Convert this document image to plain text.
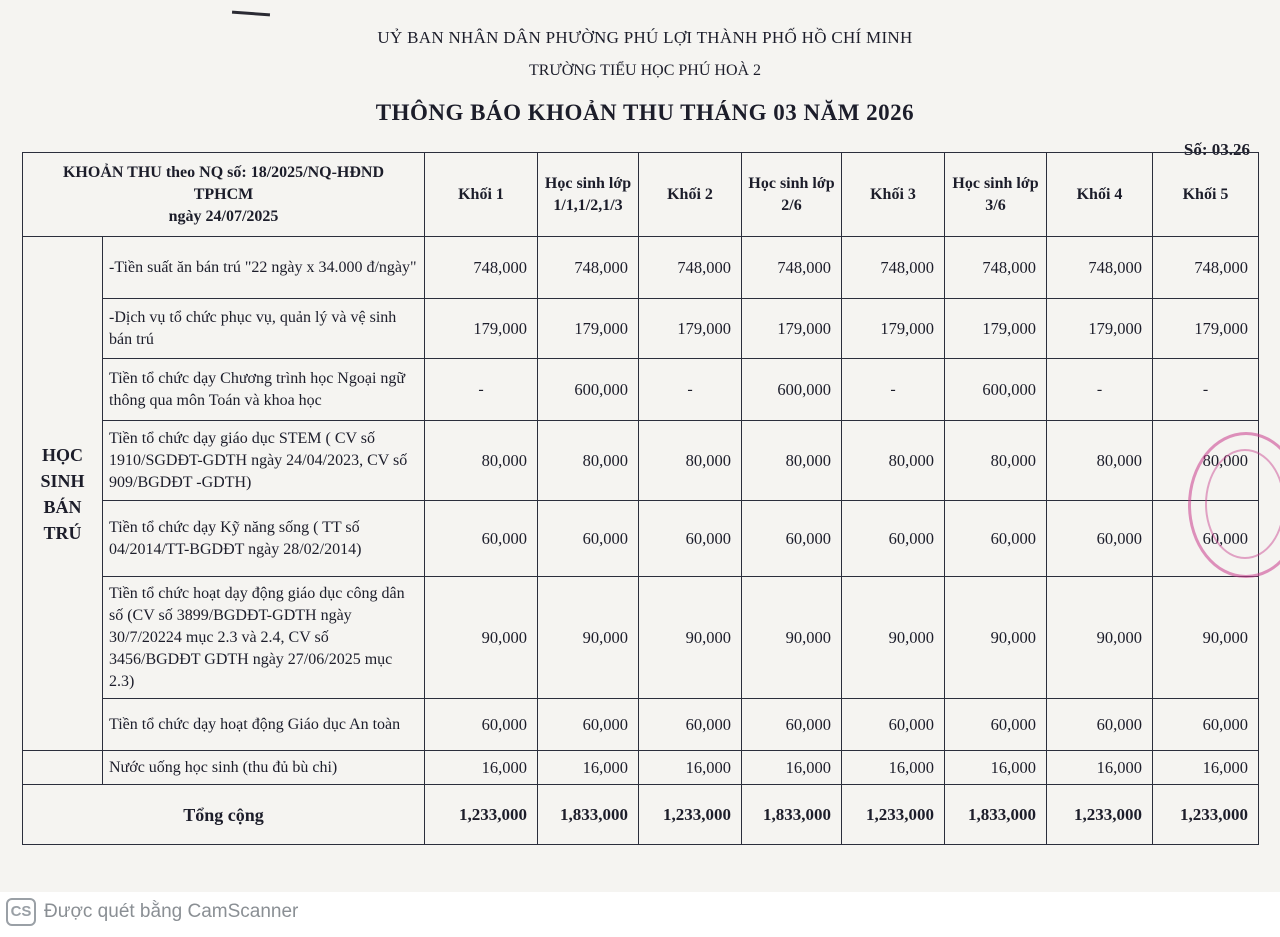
UỶ BAN NHÂN DÂN PHƯỜNG PHÚ LỢI THÀNH PHỐ HỒ CHÍ MINH
TRƯỜNG TIỂU HỌC PHÚ HOÀ 2
THÔNG BÁO KHOẢN THU THÁNG 03 NĂM 2026
Số: 03.26
KHOẢN THU theo NQ số: 18/2025/NQ-HĐND
TPHCM
ngày 24/07/2025		Khối 1	Học sinh lớp 1/1,1/2,1/3	Khối 2	Học sinh lớp 2/6	Khối 3	Học sinh lớp 3/6	Khối 4	Khối 5
HỌC SINH BÁN TRÚ	-Tiền suất ăn bán trú "22 ngày x 34.000 đ/ngày"	748,000	748,000	748,000	748,000	748,000	748,000	748,000	748,000
	-Dịch vụ tổ chức phục vụ, quản lý và vệ sinh bán trú	179,000	179,000	179,000	179,000	179,000	179,000	179,000	179,000
	Tiền tổ chức dạy Chương trình học Ngoại ngữ thông qua môn Toán và khoa học	-	600,000	-	600,000	-	600,000	-	-
	Tiền tổ chức dạy giáo dục STEM ( CV số 1910/SGDĐT-GDTH ngày 24/04/2023, CV số 909/BGDĐT -GDTH)	80,000	80,000	80,000	80,000	80,000	80,000	80,000	80,000
	Tiền tổ chức dạy Kỹ năng sống ( TT số 04/2014/TT-BGDĐT ngày 28/02/2014)	60,000	60,000	60,000	60,000	60,000	60,000	60,000	60,000
	Tiền tổ chức hoạt dạy động giáo dục công dân số (CV số 3899/BGDĐT-GDTH ngày 30/7/20224 mục 2.3 và 2.4, CV số 3456/BGDĐT GDTH ngày 27/06/2025 mục 2.3)	90,000	90,000	90,000	90,000	90,000	90,000	90,000	90,000
	Tiền tổ chức dạy hoạt động Giáo dục An toàn	60,000	60,000	60,000	60,000	60,000	60,000	60,000	60,000
	Nước uống học sinh (thu đủ bù chi)	16,000	16,000	16,000	16,000	16,000	16,000	16,000	16,000
Tổng cộng		1,233,000	1,833,000	1,233,000	1,833,000	1,233,000	1,833,000	1,233,000	1,233,000
CS Được quét bằng CamScanner
